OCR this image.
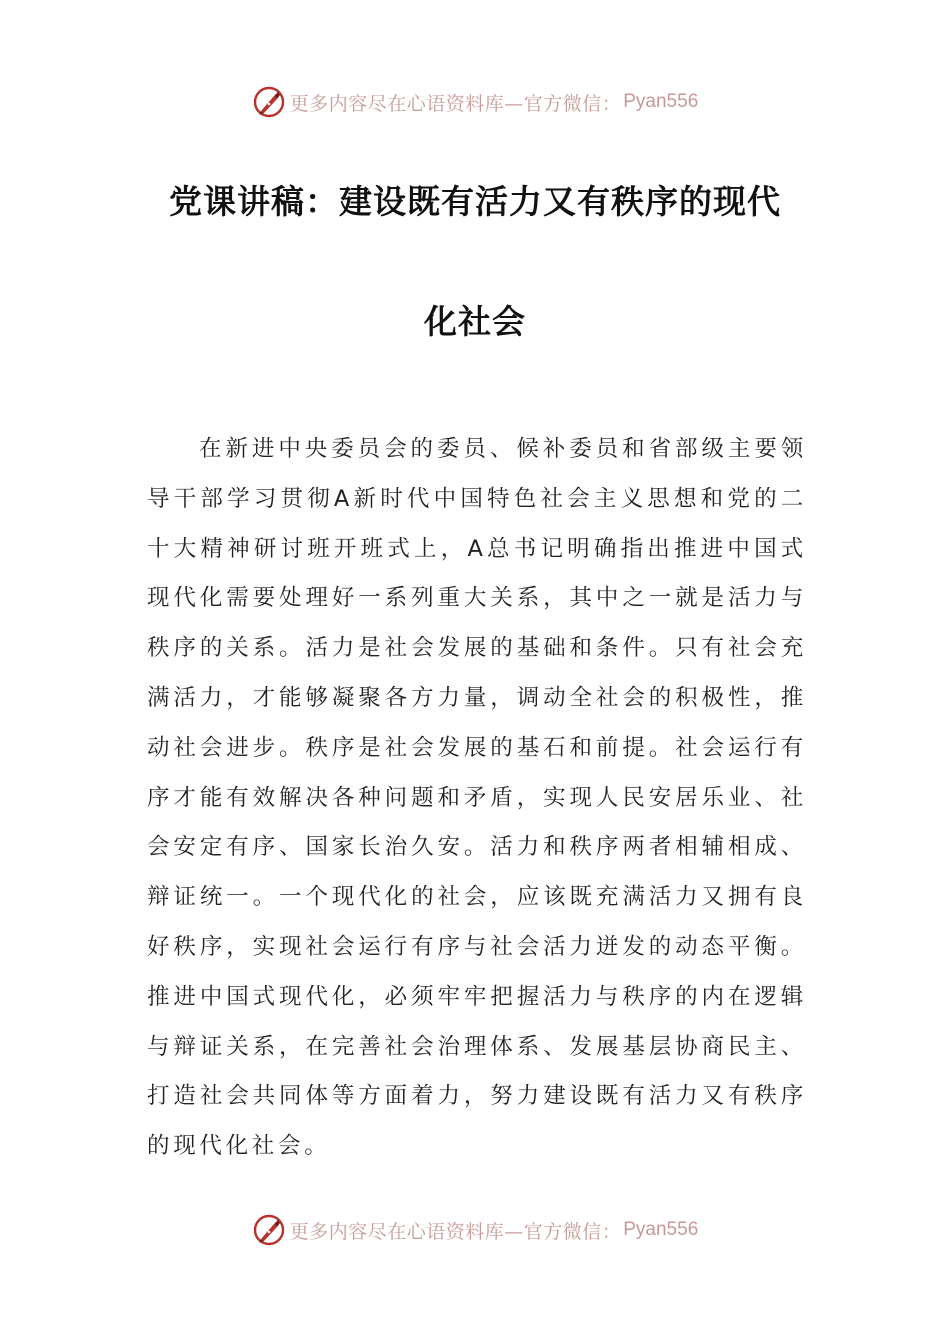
更多内容尽在心语资料库—官方微信： Pyan556
党课讲稿：建设既有活力又有秩序的现代
化社会

在新进中央委员会的委员、候补委员和省部级主要领导干部学习贯彻A新时代中国特色社会主义思想和党的二十大精神研讨班开班式上，A总书记明确指出推进中国式现代化需要处理好一系列重大关系，其中之一就是活力与秩序的关系。活力是社会发展的基础和条件。只有社会充满活力，才能够凝聚各方力量，调动全社会的积极性，推动社会进步。秩序是社会发展的基石和前提。社会运行有序才能有效解决各种问题和矛盾，实现人民安居乐业、社会安定有序、国家长治久安。活力和秩序两者相辅相成、辩证统一。一个现代化的社会，应该既充满活力又拥有良好秩序，实现社会运行有序与社会活力迸发的动态平衡。推进中国式现代化，必须牢牢把握活力与秩序的内在逻辑与辩证关系，在完善社会治理体系、发展基层协商民主、打造社会共同体等方面着力，努力建设既有活力又有秩序的现代化社会。

更多内容尽在心语资料库—官方微信： Pyan556
